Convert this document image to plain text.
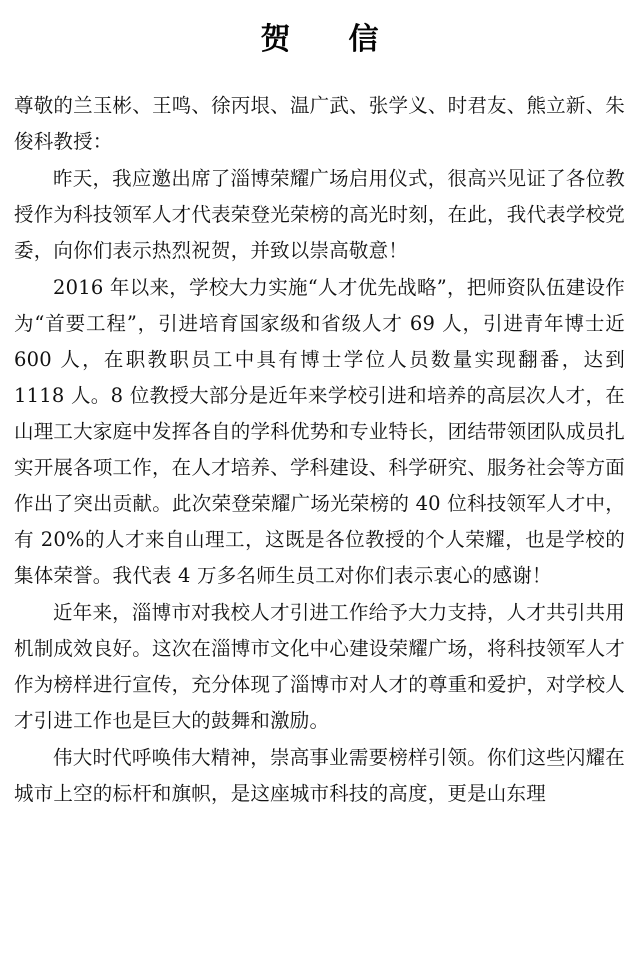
贺　信

尊敬的兰玉彬、王鸣、徐丙垠、温广武、张学义、时君友、熊立新、朱俊科教授：

昨天，我应邀出席了淄博荣耀广场启用仪式，很高兴见证了各位教授作为科技领军人才代表荣登光荣榜的高光时刻，在此，我代表学校党委，向你们表示热烈祝贺，并致以崇高敬意！

2016 年以来，学校大力实施“人才优先战略”，把师资队伍建设作为“首要工程”，引进培育国家级和省级人才 69 人，引进青年博士近 600 人，在职教职员工中具有博士学位人员数量实现翻番，达到 1118 人。8 位教授大部分是近年来学校引进和培养的高层次人才，在山理工大家庭中发挥各自的学科优势和专业特长，团结带领团队成员扎实开展各项工作，在人才培养、学科建设、科学研究、服务社会等方面作出了突出贡献。此次荣登荣耀广场光荣榜的 40 位科技领军人才中，有 20%的人才来自山理工，这既是各位教授的个人荣耀，也是学校的集体荣誉。我代表 4 万多名师生员工对你们表示衷心的感谢！

近年来，淄博市对我校人才引进工作给予大力支持，人才共引共用机制成效良好。这次在淄博市文化中心建设荣耀广场，将科技领军人才作为榜样进行宣传，充分体现了淄博市对人才的尊重和爱护，对学校人才引进工作也是巨大的鼓舞和激励。

伟大时代呼唤伟大精神，崇高事业需要榜样引领。你们这些闪耀在城市上空的标杆和旗帜，是这座城市科技的高度，更是山东理
